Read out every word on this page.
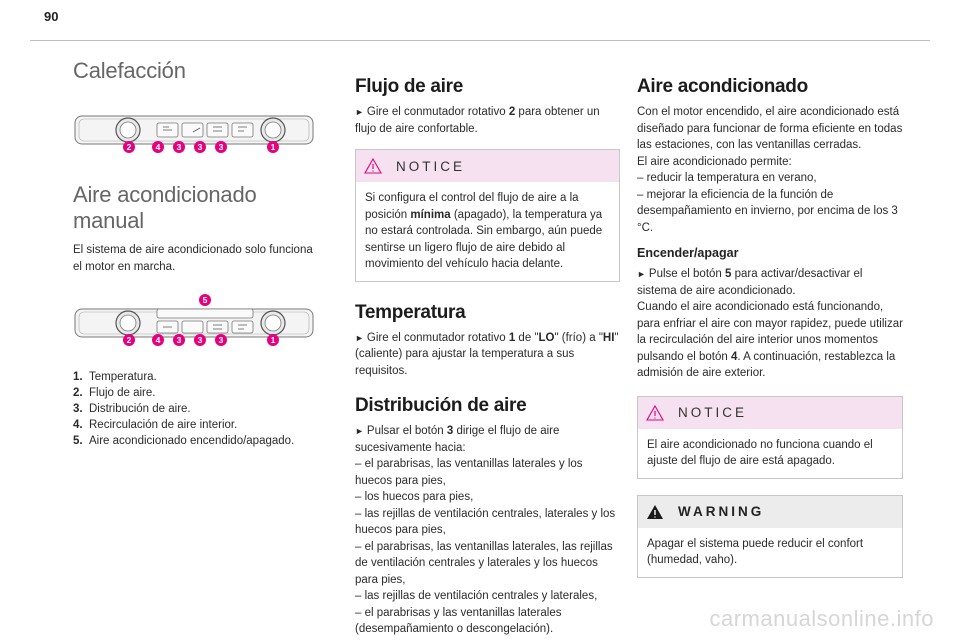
90
Calefacción
2	4	3	3	3	1
Aire acondicionado manual

El sistema de aire acondicionado solo funciona el motor en marcha.

5
2	4	3	3	3	1
1. Temperatura.
2. Flujo de aire.
3. Distribución de aire.
4. Recirculación de aire interior.
5. Aire acondicionado encendido/apagado.
Flujo de aire

► Gire el conmutador rotativo 2 para obtener un flujo de aire confortable.

NOTICE
Si configura el control del flujo de aire a la posición mínima (apagado), la temperatura ya no estará controlada. Sin embargo, aún puede sentirse un ligero flujo de aire debido al movimiento del vehículo hacia delante.
Temperatura

► Gire el conmutador rotativo 1 de "LO" (frío) a "HI" (caliente) para ajustar la temperatura a sus requisitos.

Distribución de aire
► Pulsar el botón 3 dirige el flujo de aire sucesivamente hacia:
– el parabrisas, las ventanillas laterales y los huecos para pies,
– los huecos para pies,
– las rejillas de ventilación centrales, laterales y los huecos para pies,
– el parabrisas, las ventanillas laterales, las rejillas de ventilación centrales y laterales y los huecos para pies,
– las rejillas de ventilación centrales y laterales,
– el parabrisas y las ventanillas laterales (desempañamiento o descongelación).
Aire acondicionado
Con el motor encendido, el aire acondicionado está diseñado para funcionar de forma eficiente en todas las estaciones, con las ventanillas cerradas.
El aire acondicionado permite:
– reducir la temperatura en verano,
– mejorar la eficiencia de la función de desempañamiento en invierno, por encima de los 3 °C.
Encender/apagar
► Pulse el botón 5 para activar/desactivar el sistema de aire acondicionado.
Cuando el aire acondicionado está funcionando, para enfriar el aire con mayor rapidez, puede utilizar la recirculación del aire interior unos momentos pulsando el botón 4. A continuación, restablezca la admisión de aire exterior.
NOTICE
El aire acondicionado no funciona cuando el ajuste del flujo de aire está apagado.
WARNING
Apagar el sistema puede reducir el confort (humedad, vaho).
carmanualsonline.info
